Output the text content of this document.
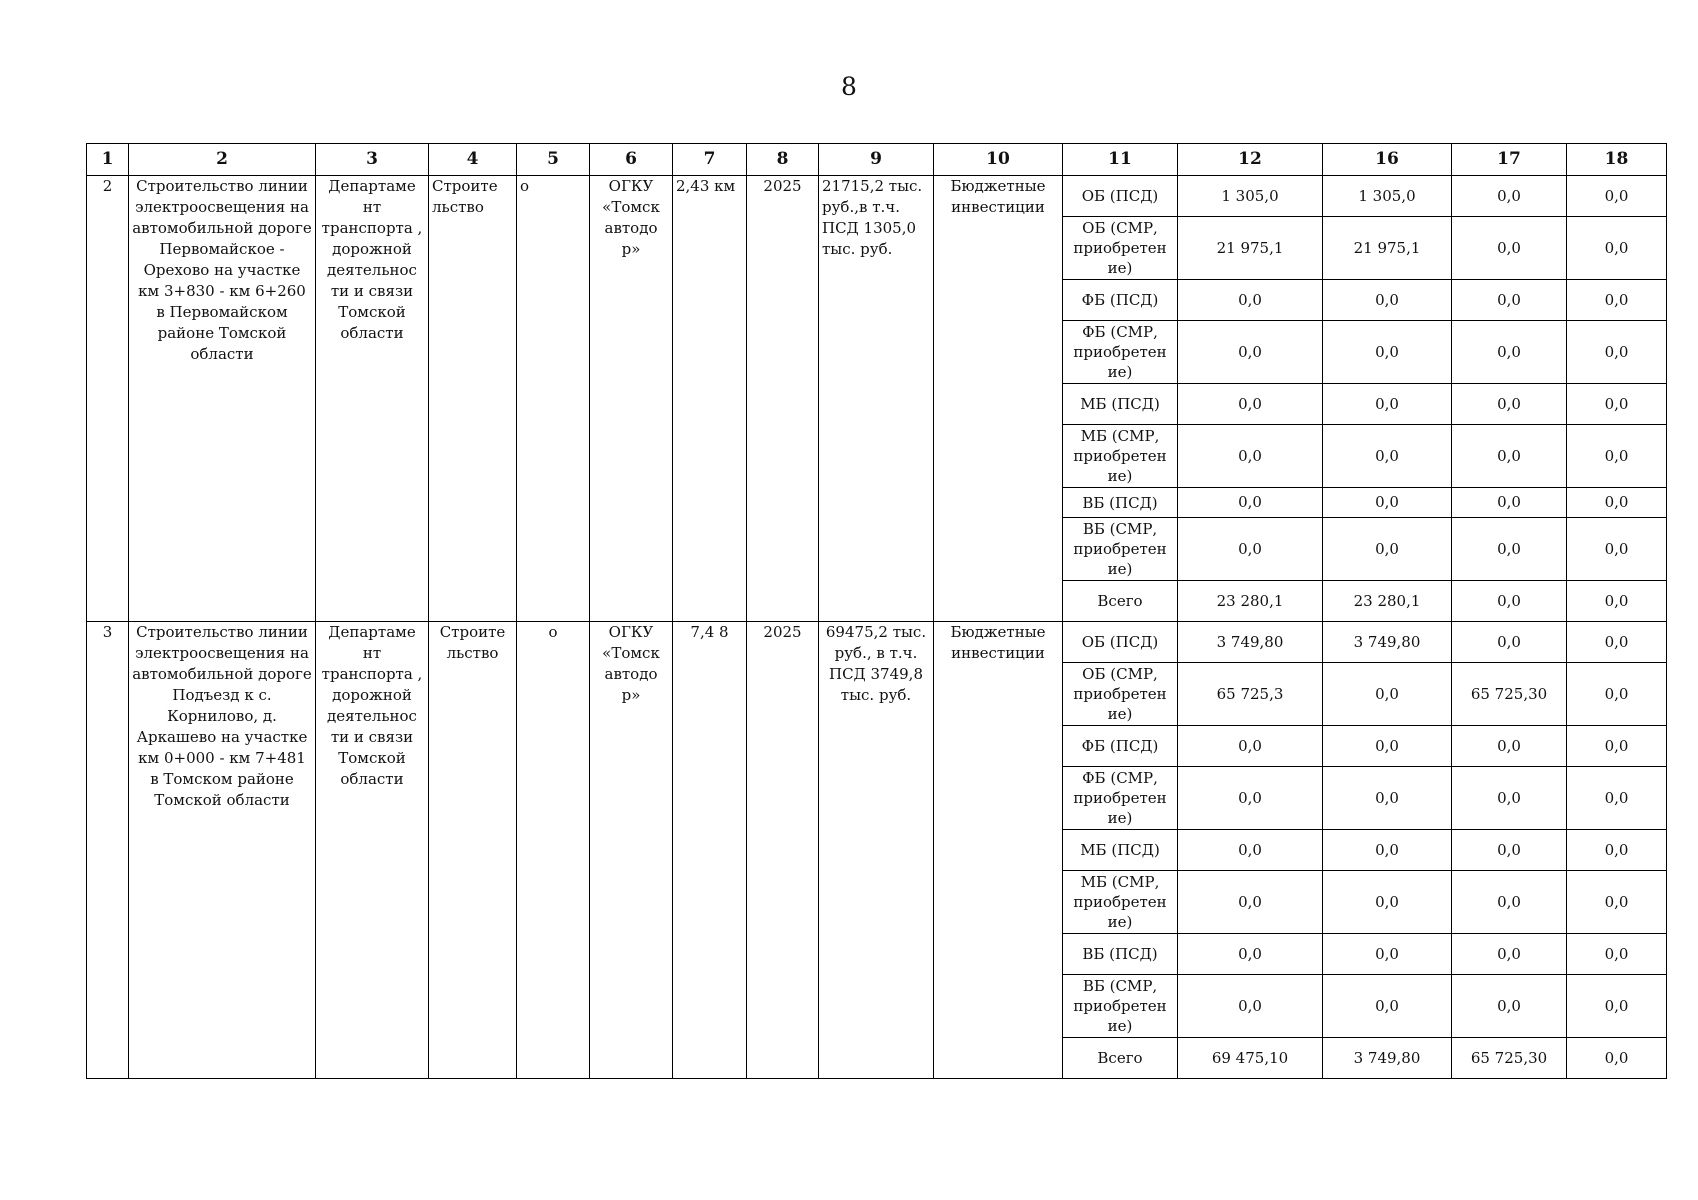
8
1	2	3	4	5	6	7	8	9	10	11	12	16	17	18
2	Строительство линии электроосвещения на автомобильной дороге Первомайское - Орехово на участке км 3+830 - км 6+260 в Первомайском районе Томской области	Департаме нт транспорта , дорожной деятельнос ти и связи Томской области	Строите льство	о	ОГКУ «Томск автодо р»	2,43 км	2025	21715,2 тыс. руб.,в т.ч. ПСД 1305,0 тыс. руб.	Бюджетные инвестиции	ОБ (ПСД)	1 305,0	1 305,0	0,0	0,0
										ОБ (СМР, приобретен ие)	21 975,1	21 975,1	0,0	0,0
										ФБ (ПСД)	0,0	0,0	0,0	0,0
										ФБ (СМР, приобретен ие)	0,0	0,0	0,0	0,0
										МБ (ПСД)	0,0	0,0	0,0	0,0
										МБ (СМР, приобретен ие)	0,0	0,0	0,0	0,0
										ВБ (ПСД)	0,0	0,0	0,0	0,0
										ВБ (СМР, приобретен ие)	0,0	0,0	0,0	0,0
										Всего	23 280,1	23 280,1	0,0	0,0
3	Строительство линии электроосвещения на автомобильной дороге Подъезд к с. Корнилово, д. Аркашево на участке км 0+000 - км 7+481 в Томском районе Томской области	Департаме нт транспорта , дорожной деятельнос ти и связи Томской области	Строите льство	о	ОГКУ «Томск автодо р»	7,4 8	2025	69475,2 тыс. руб., в т.ч. ПСД 3749,8 тыс. руб.	Бюджетные инвестиции	ОБ (ПСД)	3 749,80	3 749,80	0,0	0,0
										ОБ (СМР, приобретен ие)	65 725,3	0,0	65 725,30	0,0
										ФБ (ПСД)	0,0	0,0	0,0	0,0
										ФБ (СМР, приобретен ие)	0,0	0,0	0,0	0,0
										МБ (ПСД)	0,0	0,0	0,0	0,0
										МБ (СМР, приобретен ие)	0,0	0,0	0,0	0,0
										ВБ (ПСД)	0,0	0,0	0,0	0,0
										ВБ (СМР, приобретен ие)	0,0	0,0	0,0	0,0
										Всего	69 475,10	3 749,80	65 725,30	0,0
